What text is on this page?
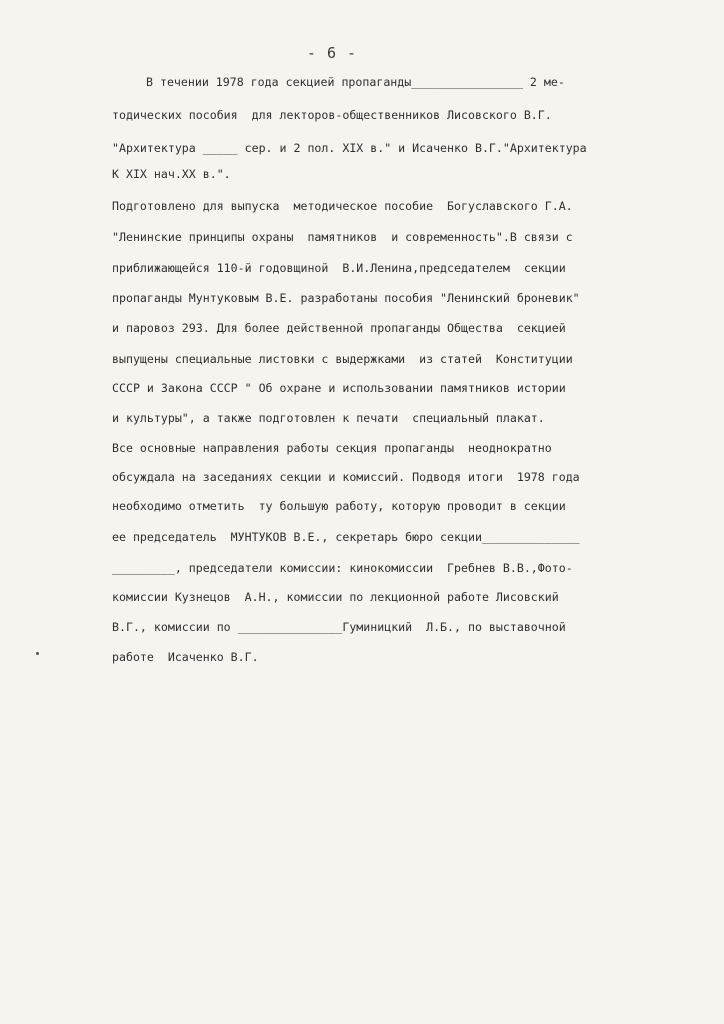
- 6 -
В течении 1978 года секцией пропаганды________________ 2 ме-
тодических пособия  для лекторов-общественников Лисовского В.Г.
"Архитектура _____ сер. и 2 пол. XIX в." и Исаченко В.Г."Архитектура
К XIX нач.XX в.".
Подготовлено для выпуска  методическое пособие  Богуславского Г.А.
"Ленинские принципы охраны  памятников  и современность".В связи с
приближающейся 110-й годовщиной  В.И.Ленина,председателем  секции
пропаганды Мунтуковым В.Е. разработаны пособия "Ленинский броневик"
и паровоз 293. Для более действенной пропаганды Общества  секцией
выпущены специальные листовки с выдержками  из статей  Конституции
СССР и Закона СССР " Об охране и использовании памятников истории
и культуры", а также подготовлен к печати  специальный плакат.
Все основные направления работы секция пропаганды  неоднократно
обсуждала на заседаниях секции и комиссий. Подводя итоги  1978 года
необходимо отметить  ту большую работу, которую проводит в секции
ее председатель  МУНТУКОВ В.Е., секретарь бюро секции______________
_________, председатели комиссии: кинокомиссии  Гребнев В.В.,Фото-
комиссии Кузнецов  А.Н., комиссии по лекционной работе Лисовский
В.Г., комиссии по _______________Гуминицкий  Л.Б., по выставочной
работе  Исаченко В.Г.
